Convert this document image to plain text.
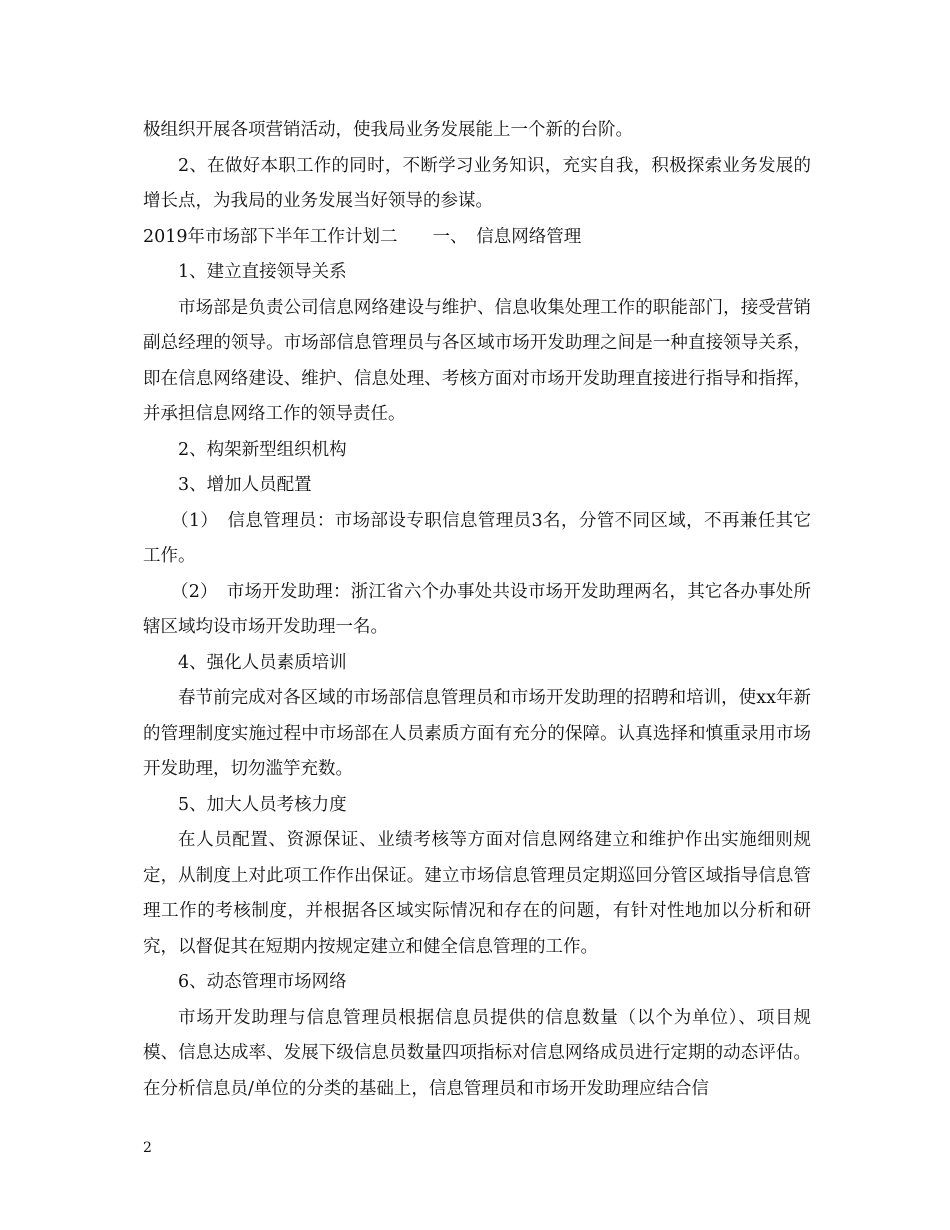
极组织开展各项营销活动，使我局业务发展能上一个新的台阶。

2、在做好本职工作的同时，不断学习业务知识，充实自我，积极探索业务发展的增长点，为我局的业务发展当好领导的参谋。

2019年市场部下半年工作计划二　　一、　信息网络管理

1、建立直接领导关系

市场部是负责公司信息网络建设与维护、信息收集处理工作的职能部门，接受营销副总经理的领导。市场部信息管理员与各区域市场开发助理之间是一种直接领导关系，即在信息网络建设、维护、信息处理、考核方面对市场开发助理直接进行指导和指挥，并承担信息网络工作的领导责任。

2、构架新型组织机构

3、增加人员配置

（1）　信息管理员：市场部设专职信息管理员3名，分管不同区域，不再兼任其它工作。

（2）　市场开发助理：浙江省六个办事处共设市场开发助理两名，其它各办事处所辖区域均设市场开发助理一名。

4、强化人员素质培训

春节前完成对各区域的市场部信息管理员和市场开发助理的招聘和培训，使xx年新的管理制度实施过程中市场部在人员素质方面有充分的保障。认真选择和慎重录用市场开发助理，切勿滥竽充数。

5、加大人员考核力度

在人员配置、资源保证、业绩考核等方面对信息网络建立和维护作出实施细则规定，从制度上对此项工作作出保证。建立市场信息管理员定期巡回分管区域指导信息管理工作的考核制度，并根据各区域实际情况和存在的问题，有针对性地加以分析和研究，以督促其在短期内按规定建立和健全信息管理的工作。

6、动态管理市场网络

市场开发助理与信息管理员根据信息员提供的信息数量（以个为单位）、项目规模、信息达成率、发展下级信息员数量四项指标对信息网络成员进行定期的动态评估。在分析信息员/单位的分类的基础上，信息管理员和市场开发助理应结合信

2
